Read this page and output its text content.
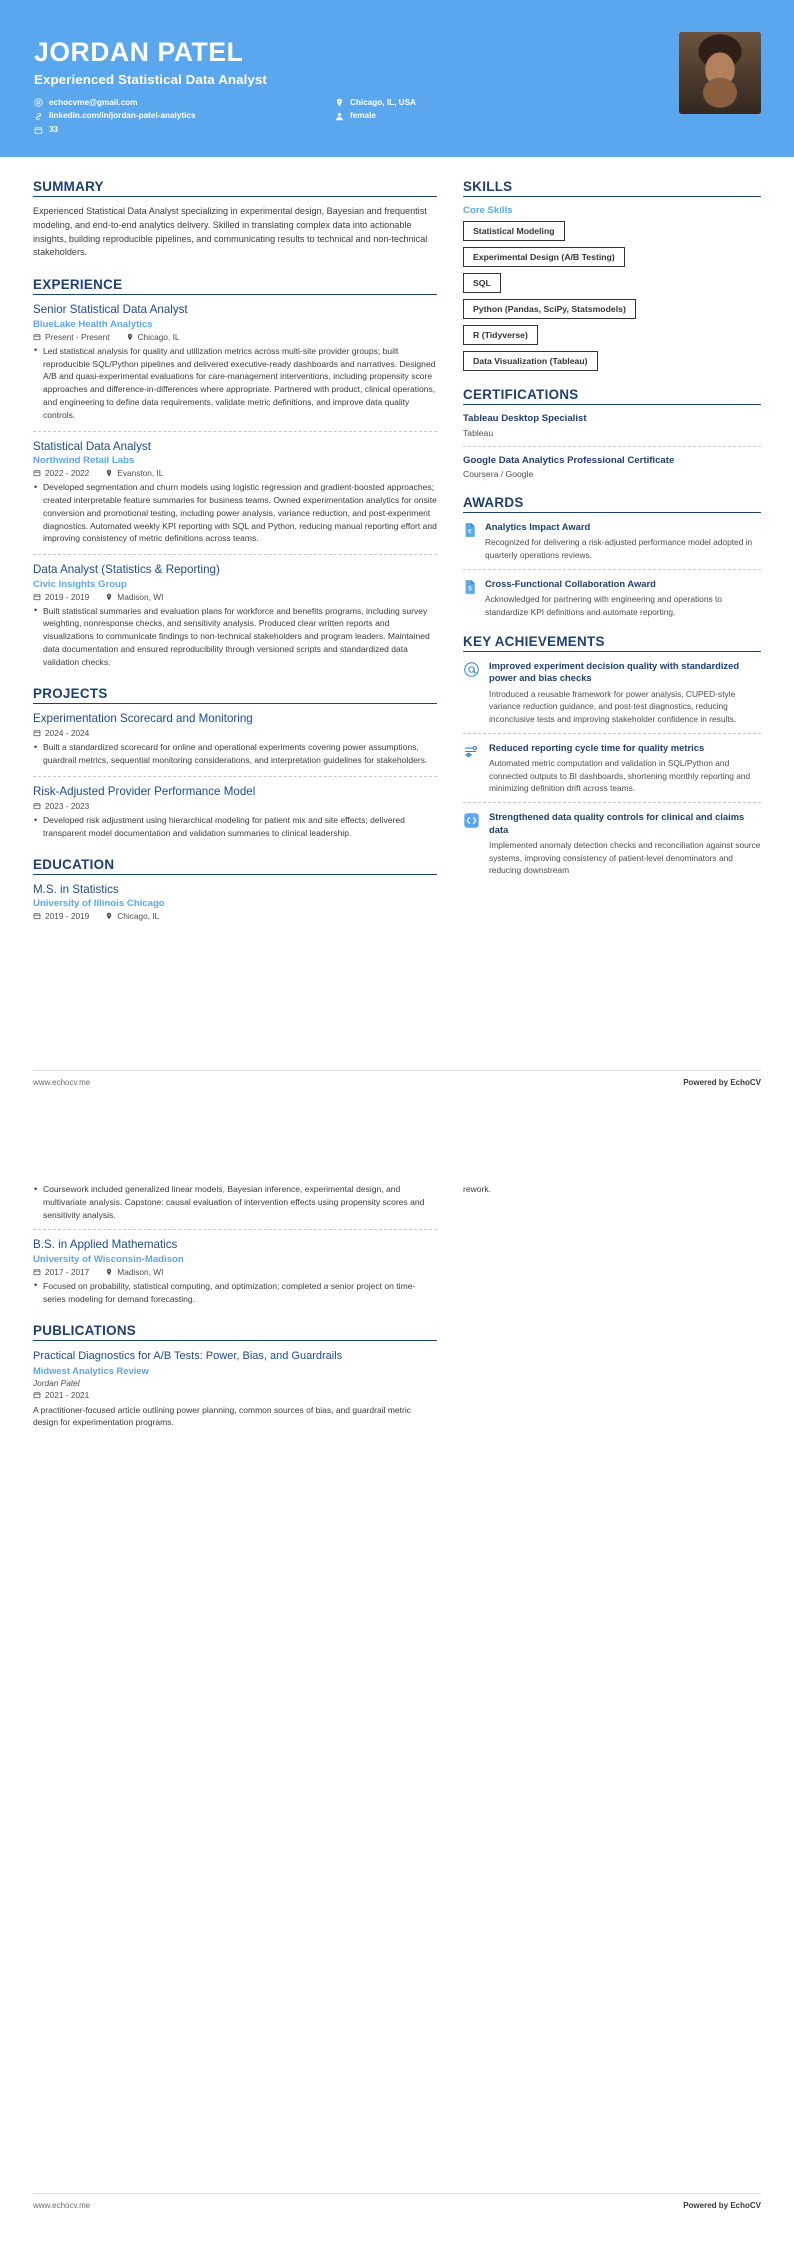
JORDAN PATEL
Experienced Statistical Data Analyst
echocvme@gmail.com
linkedin.com/in/jordan-patel-analytics
33
Chicago, IL, USA
female
SUMMARY
Experienced Statistical Data Analyst specializing in experimental design, Bayesian and frequentist modeling, and end-to-end analytics delivery. Skilled in translating complex data into actionable insights, building reproducible pipelines, and communicating results to technical and non-technical stakeholders.
EXPERIENCE
Senior Statistical Data Analyst
BlueLake Health Analytics
Present - Present	Chicago, IL
• Led statistical analysis for quality and utilization metrics across multi-site provider groups; built reproducible SQL/Python pipelines and delivered executive-ready dashboards and narratives. Designed A/B and quasi-experimental evaluations for care-management interventions, including propensity score approaches and difference-in-differences where appropriate. Partnered with product, clinical operations, and engineering to define data requirements, validate metric definitions, and improve data quality controls.
Statistical Data Analyst
Northwind Retail Labs
2022 - 2022	Evanston, IL
• Developed segmentation and churn models using logistic regression and gradient-boosted approaches; created interpretable feature summaries for business teams. Owned experimentation analytics for onsite conversion and promotional testing, including power analysis, variance reduction, and post-experiment diagnostics. Automated weekly KPI reporting with SQL and Python, reducing manual reporting effort and improving consistency of metric definitions across teams.
Data Analyst (Statistics & Reporting)
Civic Insights Group
2019 - 2019	Madison, WI
• Built statistical summaries and evaluation plans for workforce and benefits programs, including survey weighting, nonresponse checks, and sensitivity analysis. Produced clear written reports and visualizations to communicate findings to non-technical stakeholders and program leaders. Maintained data documentation and ensured reproducibility through versioned scripts and standardized data validation checks.
PROJECTS
Experimentation Scorecard and Monitoring
2024 - 2024
• Built a standardized scorecard for online and operational experiments covering power assumptions, guardrail metrics, sequential monitoring considerations, and interpretation guidelines for stakeholders.
Risk-Adjusted Provider Performance Model
2023 - 2023
• Developed risk adjustment using hierarchical modeling for patient mix and site effects; delivered transparent model documentation and validation summaries to clinical leadership.
EDUCATION
M.S. in Statistics
University of Illinois Chicago
2019 - 2019	Chicago, IL
SKILLS
Core Skills
Statistical Modeling
Experimental Design (A/B Testing)
SQL
Python (Pandas, SciPy, Statsmodels)
R (Tidyverse)
Data Visualization (Tableau)
CERTIFICATIONS
Tableau Desktop Specialist
Tableau
Google Data Analytics Professional Certificate
Coursera / Google
AWARDS
€ Analytics Impact Award
Recognized for delivering a risk-adjusted performance model adopted in quarterly operations reviews.
$ Cross-Functional Collaboration Award
Acknowledged for partnering with engineering and operations to standardize KPI definitions and automate reporting.
KEY ACHIEVEMENTS
Improved experiment decision quality with standardized power and bias checks
Introduced a reusable framework for power analysis, CUPED-style variance reduction guidance, and post-test diagnostics, reducing inconclusive tests and improving stakeholder confidence in results.
Reduced reporting cycle time for quality metrics
Automated metric computation and validation in SQL/Python and connected outputs to BI dashboards, shortening monthly reporting and minimizing definition drift across teams.
Strengthened data quality controls for clinical and claims data
Implemented anomaly detection checks and reconciliation against source systems, improving consistency of patient-level denominators and reducing downstream
www.echocv.me	Powered by EchoCV
• Coursework included generalized linear models, Bayesian inference, experimental design, and multivariate analysis. Capstone: causal evaluation of intervention effects using propensity scores and sensitivity analysis.
B.S. in Applied Mathematics
University of Wisconsin-Madison
2017 - 2017	Madison, WI
• Focused on probability, statistical computing, and optimization; completed a senior project on time-series modeling for demand forecasting.
PUBLICATIONS
Practical Diagnostics for A/B Tests: Power, Bias, and Guardrails
Midwest Analytics Review
Jordan Patel
2021 - 2021
A practitioner-focused article outlining power planning, common sources of bias, and guardrail metric design for experimentation programs.
rework.
www.echocv.me	Powered by EchoCV
